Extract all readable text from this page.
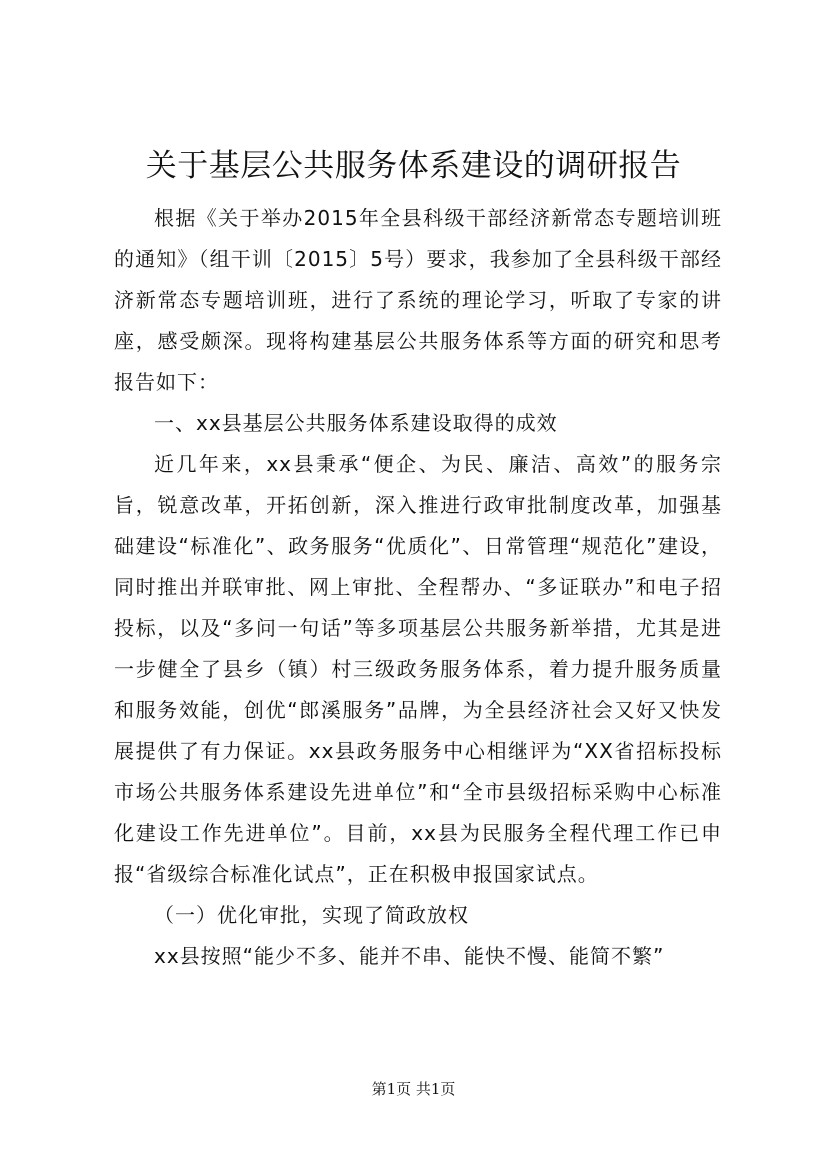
关于基层公共服务体系建设的调研报告

根据《关于举办2015年全县科级干部经济新常态专题培训班的通知》（组干训〔2015〕5号）要求，我参加了全县科级干部经济新常态专题培训班，进行了系统的理论学习，听取了专家的讲座，感受颇深。现将构建基层公共服务体系等方面的研究和思考报告如下：

一、xx县基层公共服务体系建设取得的成效

近几年来，xx县秉承“便企、为民、廉洁、高效”的服务宗旨，锐意改革，开拓创新，深入推进行政审批制度改革，加强基础建设“标准化”、政务服务“优质化”、日常管理“规范化”建设，同时推出并联审批、网上审批、全程帮办、“多证联办”和电子招投标，以及“多问一句话”等多项基层公共服务新举措，尤其是进一步健全了县乡（镇）村三级政务服务体系，着力提升服务质量和服务效能，创优“郎溪服务”品牌，为全县经济社会又好又快发展提供了有力保证。xx县政务服务中心相继评为“XX省招标投标市场公共服务体系建设先进单位”和“全市县级招标采购中心标准化建设工作先进单位”。目前，xx县为民服务全程代理工作已申报“省级综合标准化试点”，正在积极申报国家试点。

（一）优化审批，实现了简政放权

xx县按照“能少不多、能并不串、能快不慢、能简不繁”

第1页 共1页
